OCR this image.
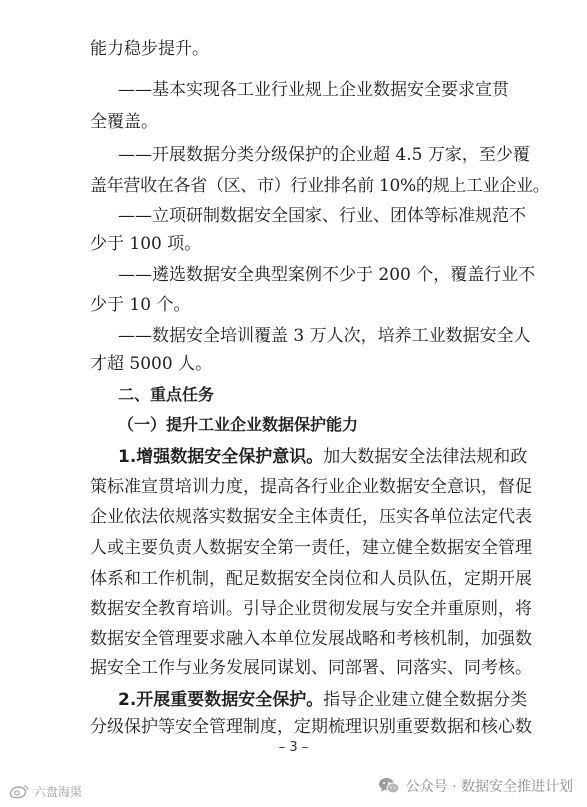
能力稳步提升。
——基本实现各工业行业规上企业数据安全要求宣贯
全覆盖。
——开展数据分类分级保护的企业超 4.5 万家，至少覆
盖年营收在各省（区、市）行业排名前 10%的规上工业企业。
——立项研制数据安全国家、行业、团体等标准规范不
少于 100 项。
——遴选数据安全典型案例不少于 200 个，覆盖行业不
少于 10 个。
——数据安全培训覆盖 3 万人次，培养工业数据安全人
才超 5000 人。
二、重点任务
（一）提升工业企业数据保护能力
1.增强数据安全保护意识。 加大数据安全法律法规和政
策标准宣贯培训力度，提高各行业企业数据安全意识，督促
企业依法依规落实数据安全主体责任，压实各单位法定代表
人或主要负责人数据安全第一责任，建立健全数据安全管理
体系和工作机制，配足数据安全岗位和人员队伍，定期开展
数据安全教育培训。引导企业贯彻发展与安全并重原则，将
数据安全管理要求融入本单位发展战略和考核机制，加强数
据安全工作与业务发展同谋划、同部署、同落实、同考核。
2.开展重要数据安全保护。 指导企业建立健全数据分类
分级保护等安全管理制度，定期梳理识别重要数据和核心数
– 3 –
六盘海渠	公众号 · 数据安全推进计划
